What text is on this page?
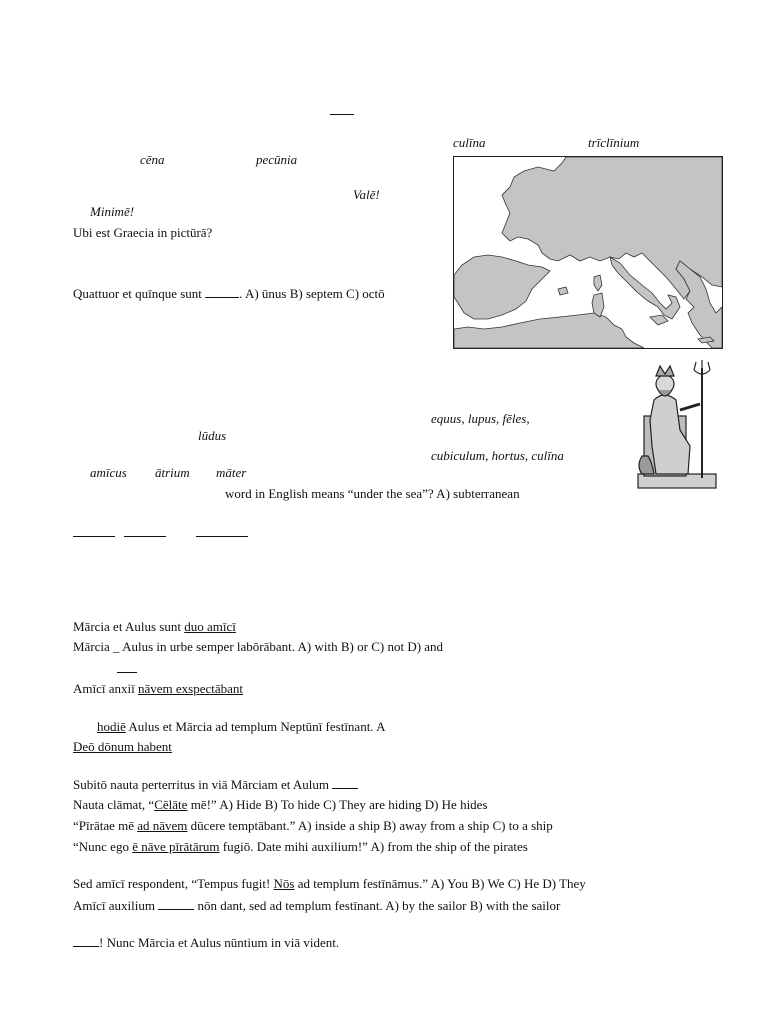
culīna	trīclīnium
cēna	pecūnia
Valē!
Minimē!
Ubi est Graecia in pictūrā?
Quattuor et quīnque sunt	. A) ūnus B) septem C) octō
equus, lupus, fēles,
lūdus
cubiculum, hortus, culīna
amīcus ātrium māter
word in English means “under the sea”? A) subterranean

Mārcia et Aulus sunt duo amīcī
Mārcia _ Aulus in urbe semper labōrābant. A) with B) or C) not D) and
Amīcī anxiī nāvem exspectābant
hodiē Aulus et Mārcia ad templum Neptūnī festīnant. A
Deō dōnum habent
Subitō nauta perterritus in viā Mārciam et Aulum
Nauta clāmat, “Cēlāte mē!” A) Hide B) To hide C) They are hiding D) He hides
“Pīrātae mē ad nāvem dūcere temptābant.” A) inside a ship B) away from a ship C) to a ship
“Nunc ego ē nāve pīrātārum fugiō. Date mihi auxilium!” A) from the ship of the pirates
Sed amīcī respondent, “Tempus fugit! Nōs ad templum festīnāmus.” A) You B) We C) He D) They
Amīcī auxilium	nōn dant, sed ad templum festīnant. A) by the sailor B) with the sailor
! Nunc Mārcia et Aulus nūntium in viā vident.
